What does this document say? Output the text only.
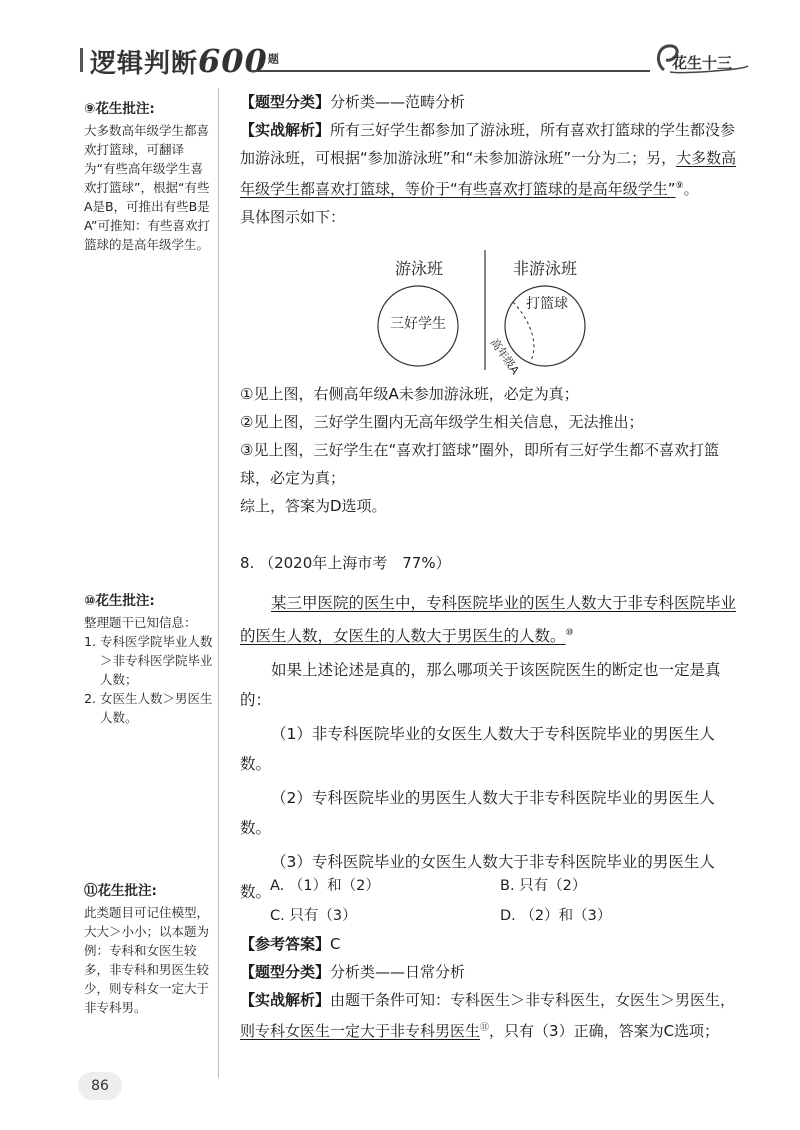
逻辑判断$600^题$	花生十三
⑨花生批注:
大多数高年级学生都喜欢打篮球，可翻译为“有些高年级学生喜欢打篮球”，根据“有些A是B，可推出有些B是A”可推知：有些喜欢打篮球的是高年级学生。
⑩花生批注:
整理题干已知信息：
1. 专科医学院毕业人数＞非专科医学院毕业人数；
2. 女医生人数＞男医生人数。
⑪花生批注:
此类题目可记住模型，大大＞小小；以本题为例：专科和女医生较多，非专科和男医生较少，则专科女一定大于非专科男。

【题型分类】分析类——范畴分析

【实战解析】所有三好学生都参加了游泳班，所有喜欢打篮球的学生都没参加游泳班，可根据“参加游泳班”和“未参加游泳班”一分为二；另，大多数高年级学生都喜欢打篮球，等价于“有些喜欢打篮球的是高年级学生”⑨。

具体图示如下：

游泳班	非游泳班
三好学生
打篮球
高年级A

①见上图，右侧高年级A未参加游泳班，必定为真；

②见上图，三好学生圈内无高年级学生相关信息，无法推出；

③见上图，三好学生在“喜欢打篮球”圈外，即所有三好学生都不喜欢打篮球，必定为真；

综上，答案为D选项。

8. （2020年上海市考　77%）

某三甲医院的医生中，专科医院毕业的医生人数大于非专科医院毕业的医生人数，女医生的人数大于男医生的人数。⑩

如果上述论述是真的，那么哪项关于该医院医生的断定也一定是真的：

（1）非专科医院毕业的女医生人数大于专科医院毕业的男医生人数。

（2）专科医院毕业的男医生人数大于非专科医院毕业的男医生人数。

（3）专科医院毕业的女医生人数大于非专科医院毕业的男医生人数。

A. （1）和（2）	B. 只有（2）
C. 只有（3）	D. （2）和（3）

【参考答案】C

【题型分类】分析类——日常分析

【实战解析】由题干条件可知：专科医生＞非专科医生，女医生＞男医生，则专科女医生一定大于非专科男医生⑪，只有（3）正确，答案为C选项；

86
